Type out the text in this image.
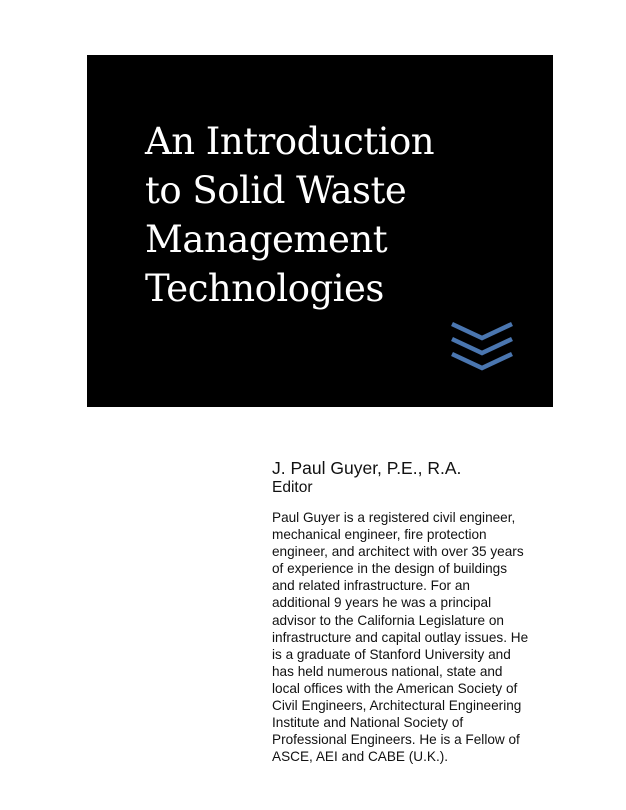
An Introduction
to Solid Waste
Management
Technologies
J. Paul Guyer, P.E., R.A.
Editor
Paul Guyer is a registered civil engineer,
mechanical engineer, fire protection
engineer, and architect with over 35 years
of experience in the design of buildings
and related infrastructure. For an
additional 9 years he was a principal
advisor to the California Legislature on
infrastructure and capital outlay issues. He
is a graduate of Stanford University and
has held numerous national, state and
local offices with the American Society of
Civil Engineers, Architectural Engineering
Institute and National Society of
Professional Engineers. He is a Fellow of
ASCE, AEI and CABE (U.K.).
